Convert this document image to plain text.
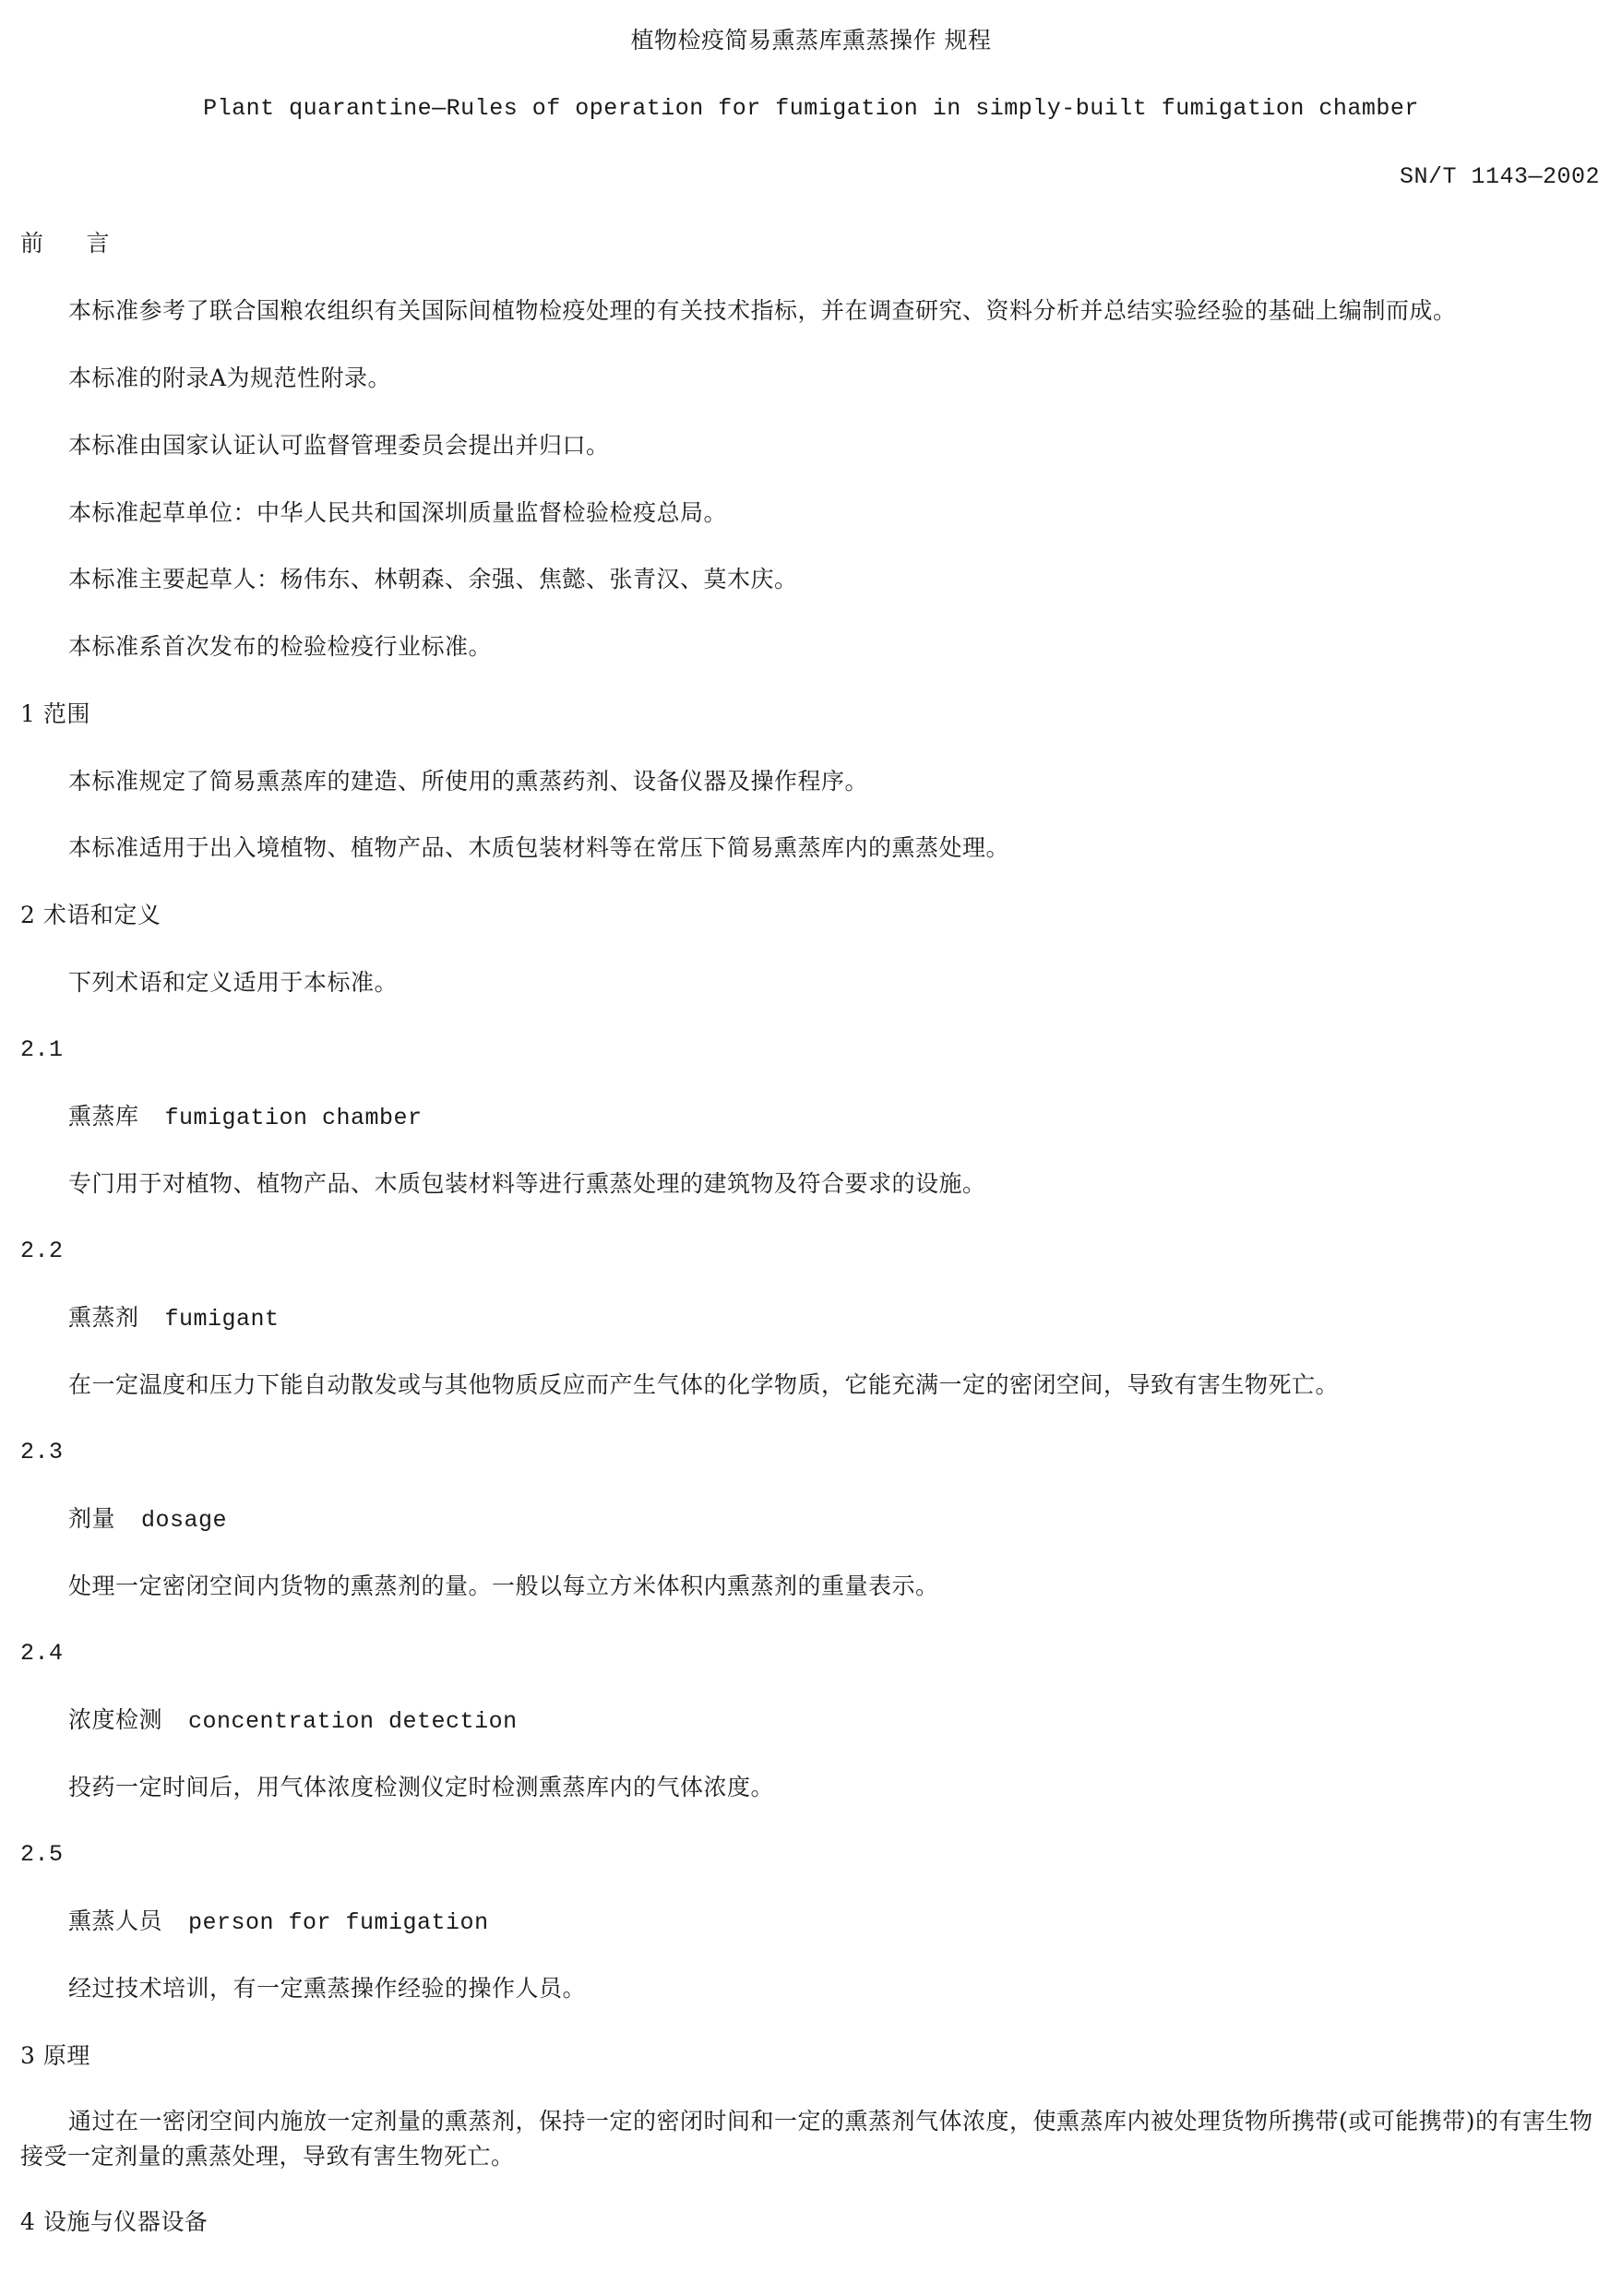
植物检疫简易熏蒸库熏蒸操作 规程
Plant quarantine—Rules of operation for fumigation in simply-built fumigation chamber
SN/T 1143—2002
前 言
本标准参考了联合国粮农组织有关国际间植物检疫处理的有关技术指标，并在调查研究、资料分析并总结实验经验的基础上编制而成。
本标准的附录A为规范性附录。
本标准由国家认证认可监督管理委员会提出并归口。
本标准起草单位：中华人民共和国深圳质量监督检验检疫总局。
本标准主要起草人：杨伟东、林朝森、余强、焦懿、张青汉、莫木庆。
本标准系首次发布的检验检疫行业标准。
1 范围
本标准规定了简易熏蒸库的建造、所使用的熏蒸药剂、设备仪器及操作程序。
本标准适用于出入境植物、植物产品、木质包装材料等在常压下简易熏蒸库内的熏蒸处理。
2 术语和定义
下列术语和定义适用于本标准。
2.1
熏蒸库 fumigation chamber
专门用于对植物、植物产品、木质包装材料等进行熏蒸处理的建筑物及符合要求的设施。
2.2
熏蒸剂 fumigant
在一定温度和压力下能自动散发或与其他物质反应而产生气体的化学物质，它能充满一定的密闭空间，导致有害生物死亡。
2.3
剂量 dosage
处理一定密闭空间内货物的熏蒸剂的量。一般以每立方米体积内熏蒸剂的重量表示。
2.4
浓度检测 concentration detection
投药一定时间后，用气体浓度检测仪定时检测熏蒸库内的气体浓度。
2.5
熏蒸人员 person for fumigation
经过技术培训，有一定熏蒸操作经验的操作人员。
3 原理
通过在一密闭空间内施放一定剂量的熏蒸剂，保持一定的密闭时间和一定的熏蒸剂气体浓度，使熏蒸库内被处理货物所携带(或可能携带)的有害生物接受一定剂量的熏蒸处理，导致有害生物死亡。
4 设施与仪器设备
